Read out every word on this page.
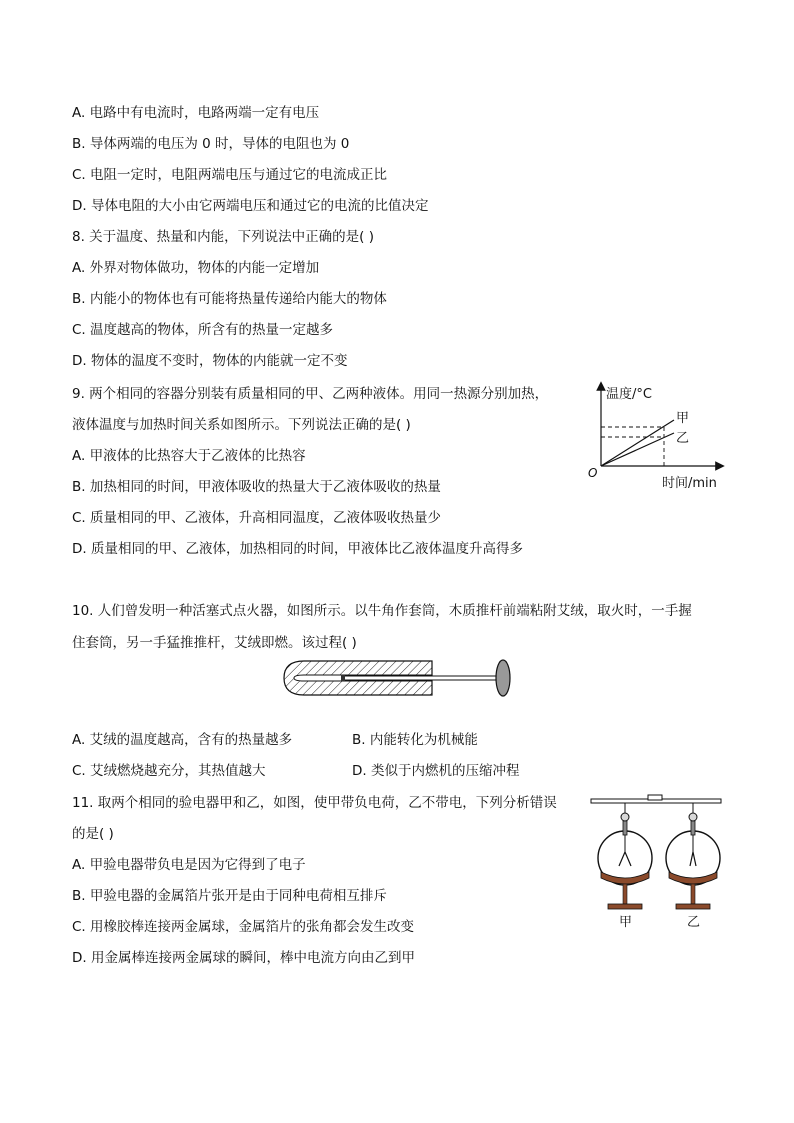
A. 电路中有电流时，电路两端一定有电压
B. 导体两端的电压为 0 时，导体的电阻也为 0
C. 电阻一定时，电阻两端电压与通过它的电流成正比
D. 导体电阻的大小由它两端电压和通过它的电流的比值决定
8. 关于温度、热量和内能，下列说法中正确的是( )
A. 外界对物体做功，物体的内能一定增加
B. 内能小的物体也有可能将热量传递给内能大的物体
C. 温度越高的物体，所含有的热量一定越多
D. 物体的温度不变时，物体的内能就一定不变
9. 两个相同的容器分别装有质量相同的甲、乙两种液体。用同一热源分别加热，
液体温度与加热时间关系如图所示。下列说法正确的是( )
A. 甲液体的比热容大于乙液体的比热容
B. 加热相同的时间，甲液体吸收的热量大于乙液体吸收的热量
C. 质量相同的甲、乙液体，升高相同温度，乙液体吸收热量少
D. 质量相同的甲、乙液体，加热相同的时间，甲液体比乙液体温度升高得多
温度/°C
O
甲
乙
时间/min
10. 人们曾发明一种活塞式点火器，如图所示。以牛角作套筒，木质推杆前端粘附艾绒，取火时，一手握
住套筒，另一手猛推推杆，艾绒即燃。该过程( )
A. 艾绒的温度越高，含有的热量越多	B. 内能转化为机械能
C. 艾绒燃烧越充分，其热值越大	D. 类似于内燃机的压缩冲程
11. 取两个相同的验电器甲和乙，如图，使甲带负电荷，乙不带电，下列分析错误
的是( )
A. 甲验电器带负电是因为它得到了电子
B. 甲验电器的金属箔片张开是由于同种电荷相互排斥
C. 用橡胶棒连接两金属球，金属箔片的张角都会发生改变
D. 用金属棒连接两金属球的瞬间，棒中电流方向由乙到甲
甲	乙
